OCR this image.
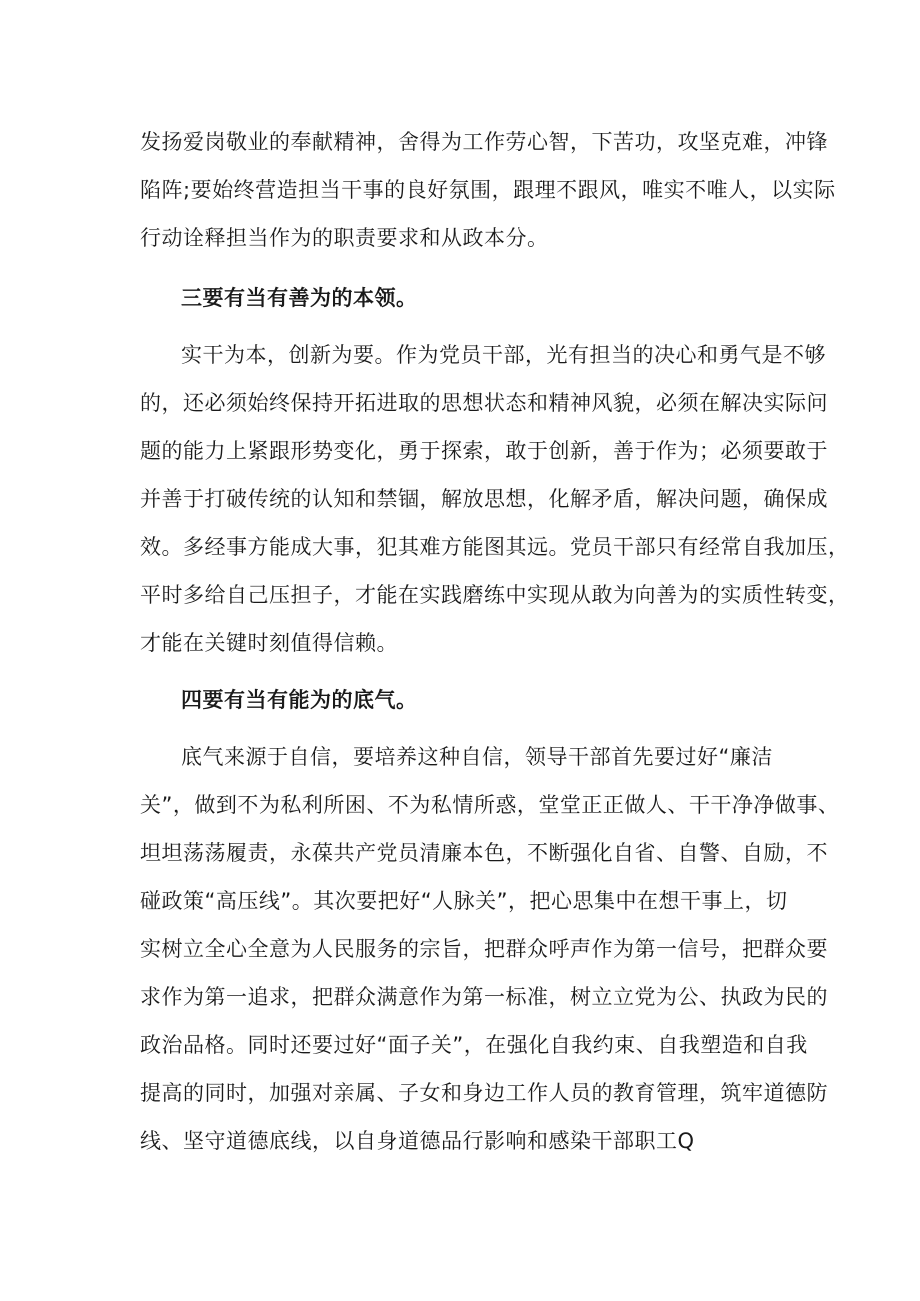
发扬爱岗敬业的奉献精神，舍得为工作劳心智，下苦功，攻坚克难，冲锋
陷阵;要始终营造担当干事的良好氛围，跟理不跟风，唯实不唯人，以实际
行动诠释担当作为的职责要求和从政本分。
三要有当有善为的本领。
实干为本，创新为要。作为党员干部，光有担当的决心和勇气是不够
的，还必须始终保持开拓进取的思想状态和精神风貌，必须在解决实际问
题的能力上紧跟形势变化，勇于探索，敢于创新，善于作为；必须要敢于
并善于打破传统的认知和禁锢，解放思想，化解矛盾，解决问题，确保成
效。多经事方能成大事，犯其难方能图其远。党员干部只有经常自我加压，
平时多给自己压担子，才能在实践磨练中实现从敢为向善为的实质性转变，
才能在关键时刻值得信赖。
四要有当有能为的底气。
底气来源于自信，要培养这种自信，领导干部首先要过好“廉洁
关”，做到不为私利所困、不为私情所惑，堂堂正正做人、干干净净做事、
坦坦荡荡履责，永葆共产党员清廉本色，不断强化自省、自警、自励，不
碰政策“高压线”。其次要把好“人脉关”，把心思集中在想干事上，切
实树立全心全意为人民服务的宗旨，把群众呼声作为第一信号，把群众要
求作为第一追求，把群众满意作为第一标准，树立立党为公、执政为民的
政治品格。同时还要过好“面子关”，在强化自我约束、自我塑造和自我
提高的同时，加强对亲属、子女和身边工作人员的教育管理，筑牢道德防
线、坚守道德底线，以自身道德品行影响和感染干部职工Q
